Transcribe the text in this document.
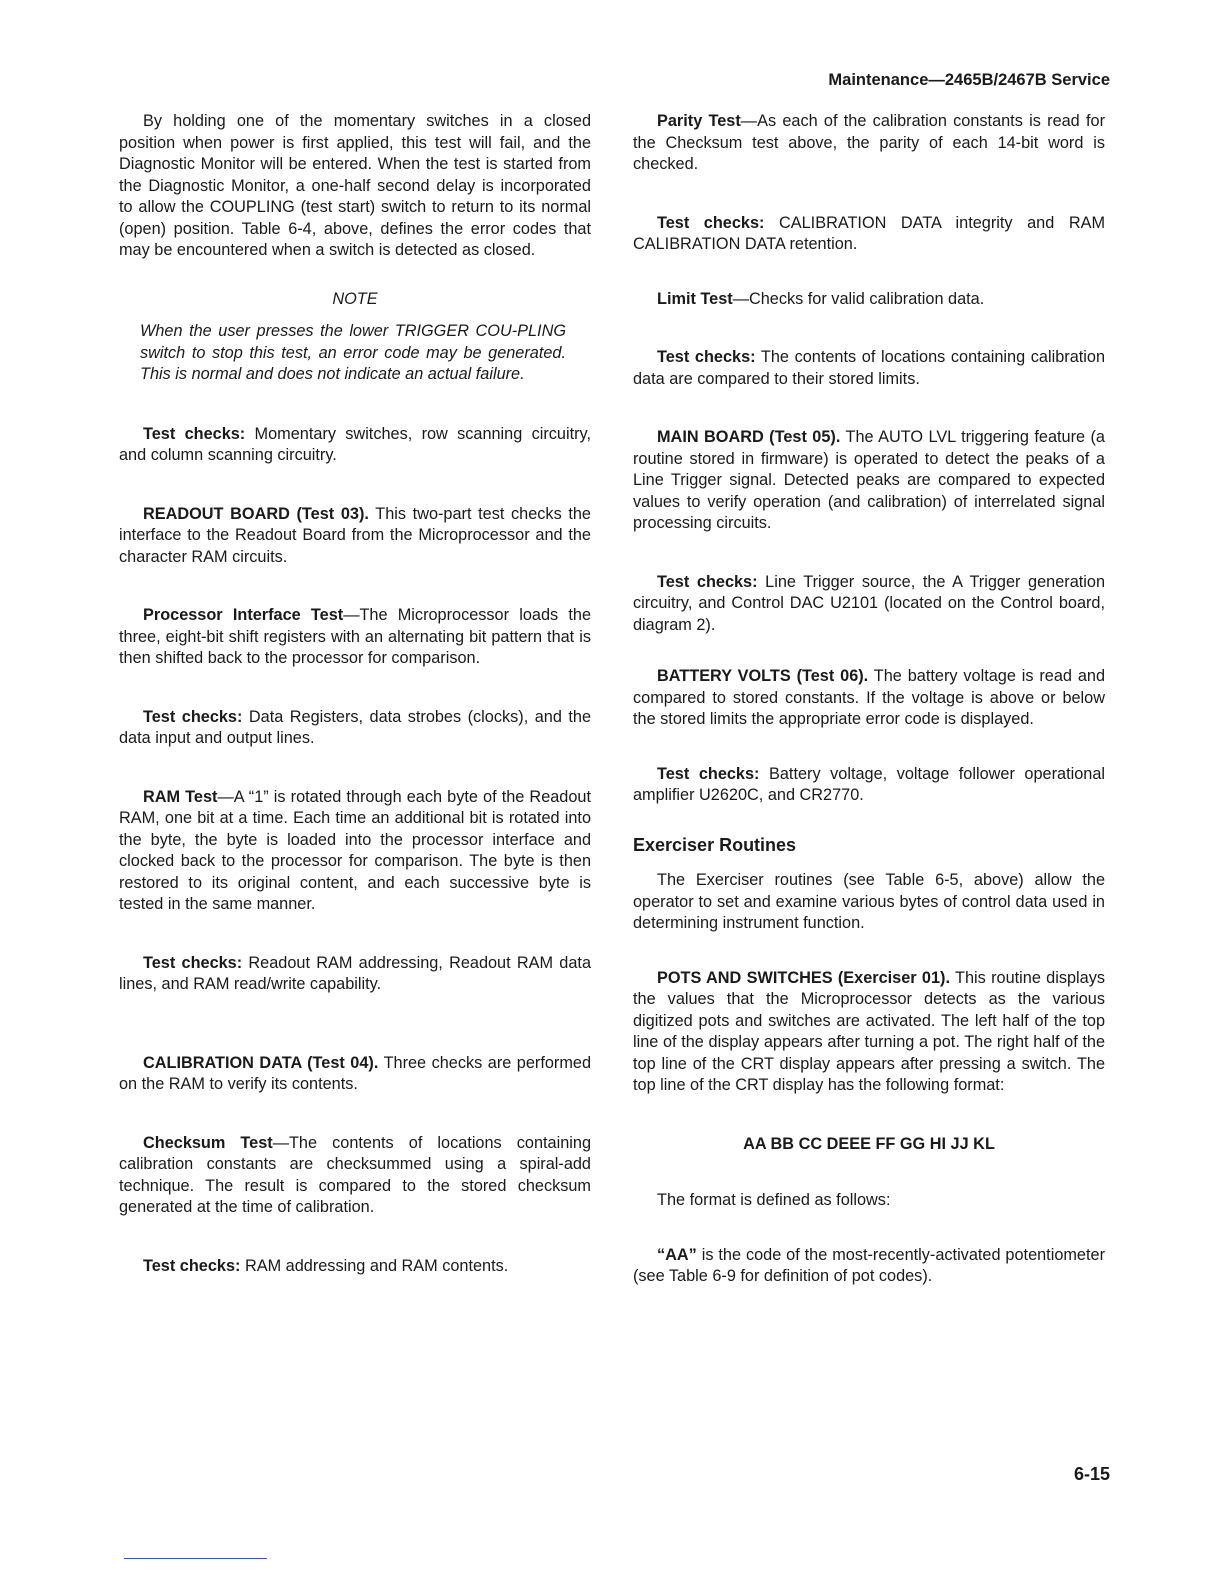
Maintenance—2465B/2467B Service

By holding one of the momentary switches in a closed position when power is first applied, this test will fail, and the Diagnostic Monitor will be entered. When the test is started from the Diagnostic Monitor, a one-half second delay is incorporated to allow the COUPLING (test start) switch to return to its normal (open) position. Table 6-4, above, defines the error codes that may be encountered when a switch is detected as closed.

NOTE

When the user presses the lower TRIGGER COU-PLING switch to stop this test, an error code may be generated. This is normal and does not indicate an actual failure.

Test checks: Momentary switches, row scanning circuitry, and column scanning circuitry.

READOUT BOARD (Test 03). This two-part test checks the interface to the Readout Board from the Microprocessor and the character RAM circuits.

Processor Interface Test—The Microprocessor loads the three, eight-bit shift registers with an alternating bit pattern that is then shifted back to the processor for comparison.

Test checks: Data Registers, data strobes (clocks), and the data input and output lines.

RAM Test—A “1” is rotated through each byte of the Readout RAM, one bit at a time. Each time an additional bit is rotated into the byte, the byte is loaded into the processor interface and clocked back to the processor for comparison. The byte is then restored to its original content, and each successive byte is tested in the same manner.

Test checks: Readout RAM addressing, Readout RAM data lines, and RAM read/write capability.

CALIBRATION DATA (Test 04). Three checks are performed on the RAM to verify its contents.

Checksum Test—The contents of locations containing calibration constants are checksummed using a spiral-add technique. The result is compared to the stored checksum generated at the time of calibration.

Test checks: RAM addressing and RAM contents.

Parity Test—As each of the calibration constants is read for the Checksum test above, the parity of each 14-bit word is checked.

Test checks: CALIBRATION DATA integrity and RAM CALIBRATION DATA retention.

Limit Test—Checks for valid calibration data.

Test checks: The contents of locations containing calibration data are compared to their stored limits.

MAIN BOARD (Test 05). The AUTO LVL triggering feature (a routine stored in firmware) is operated to detect the peaks of a Line Trigger signal. Detected peaks are compared to expected values to verify operation (and calibration) of interrelated signal processing circuits.

Test checks: Line Trigger source, the A Trigger generation circuitry, and Control DAC U2101 (located on the Control board, diagram 2).

BATTERY VOLTS (Test 06). The battery voltage is read and compared to stored constants. If the voltage is above or below the stored limits the appropriate error code is displayed.

Test checks: Battery voltage, voltage follower operational amplifier U2620C, and CR2770.

Exerciser Routines

The Exerciser routines (see Table 6-5, above) allow the operator to set and examine various bytes of control data used in determining instrument function.

POTS AND SWITCHES (Exerciser 01). This routine displays the values that the Microprocessor detects as the various digitized pots and switches are activated. The left half of the top line of the display appears after turning a pot. The right half of the top line of the CRT display appears after pressing a switch. The top line of the CRT display has the following format:

AA BB CC DEEE FF GG HI JJ KL

The format is defined as follows:

“AA” is the code of the most-recently-activated potentiometer (see Table 6-9 for definition of pot codes).

6-15
